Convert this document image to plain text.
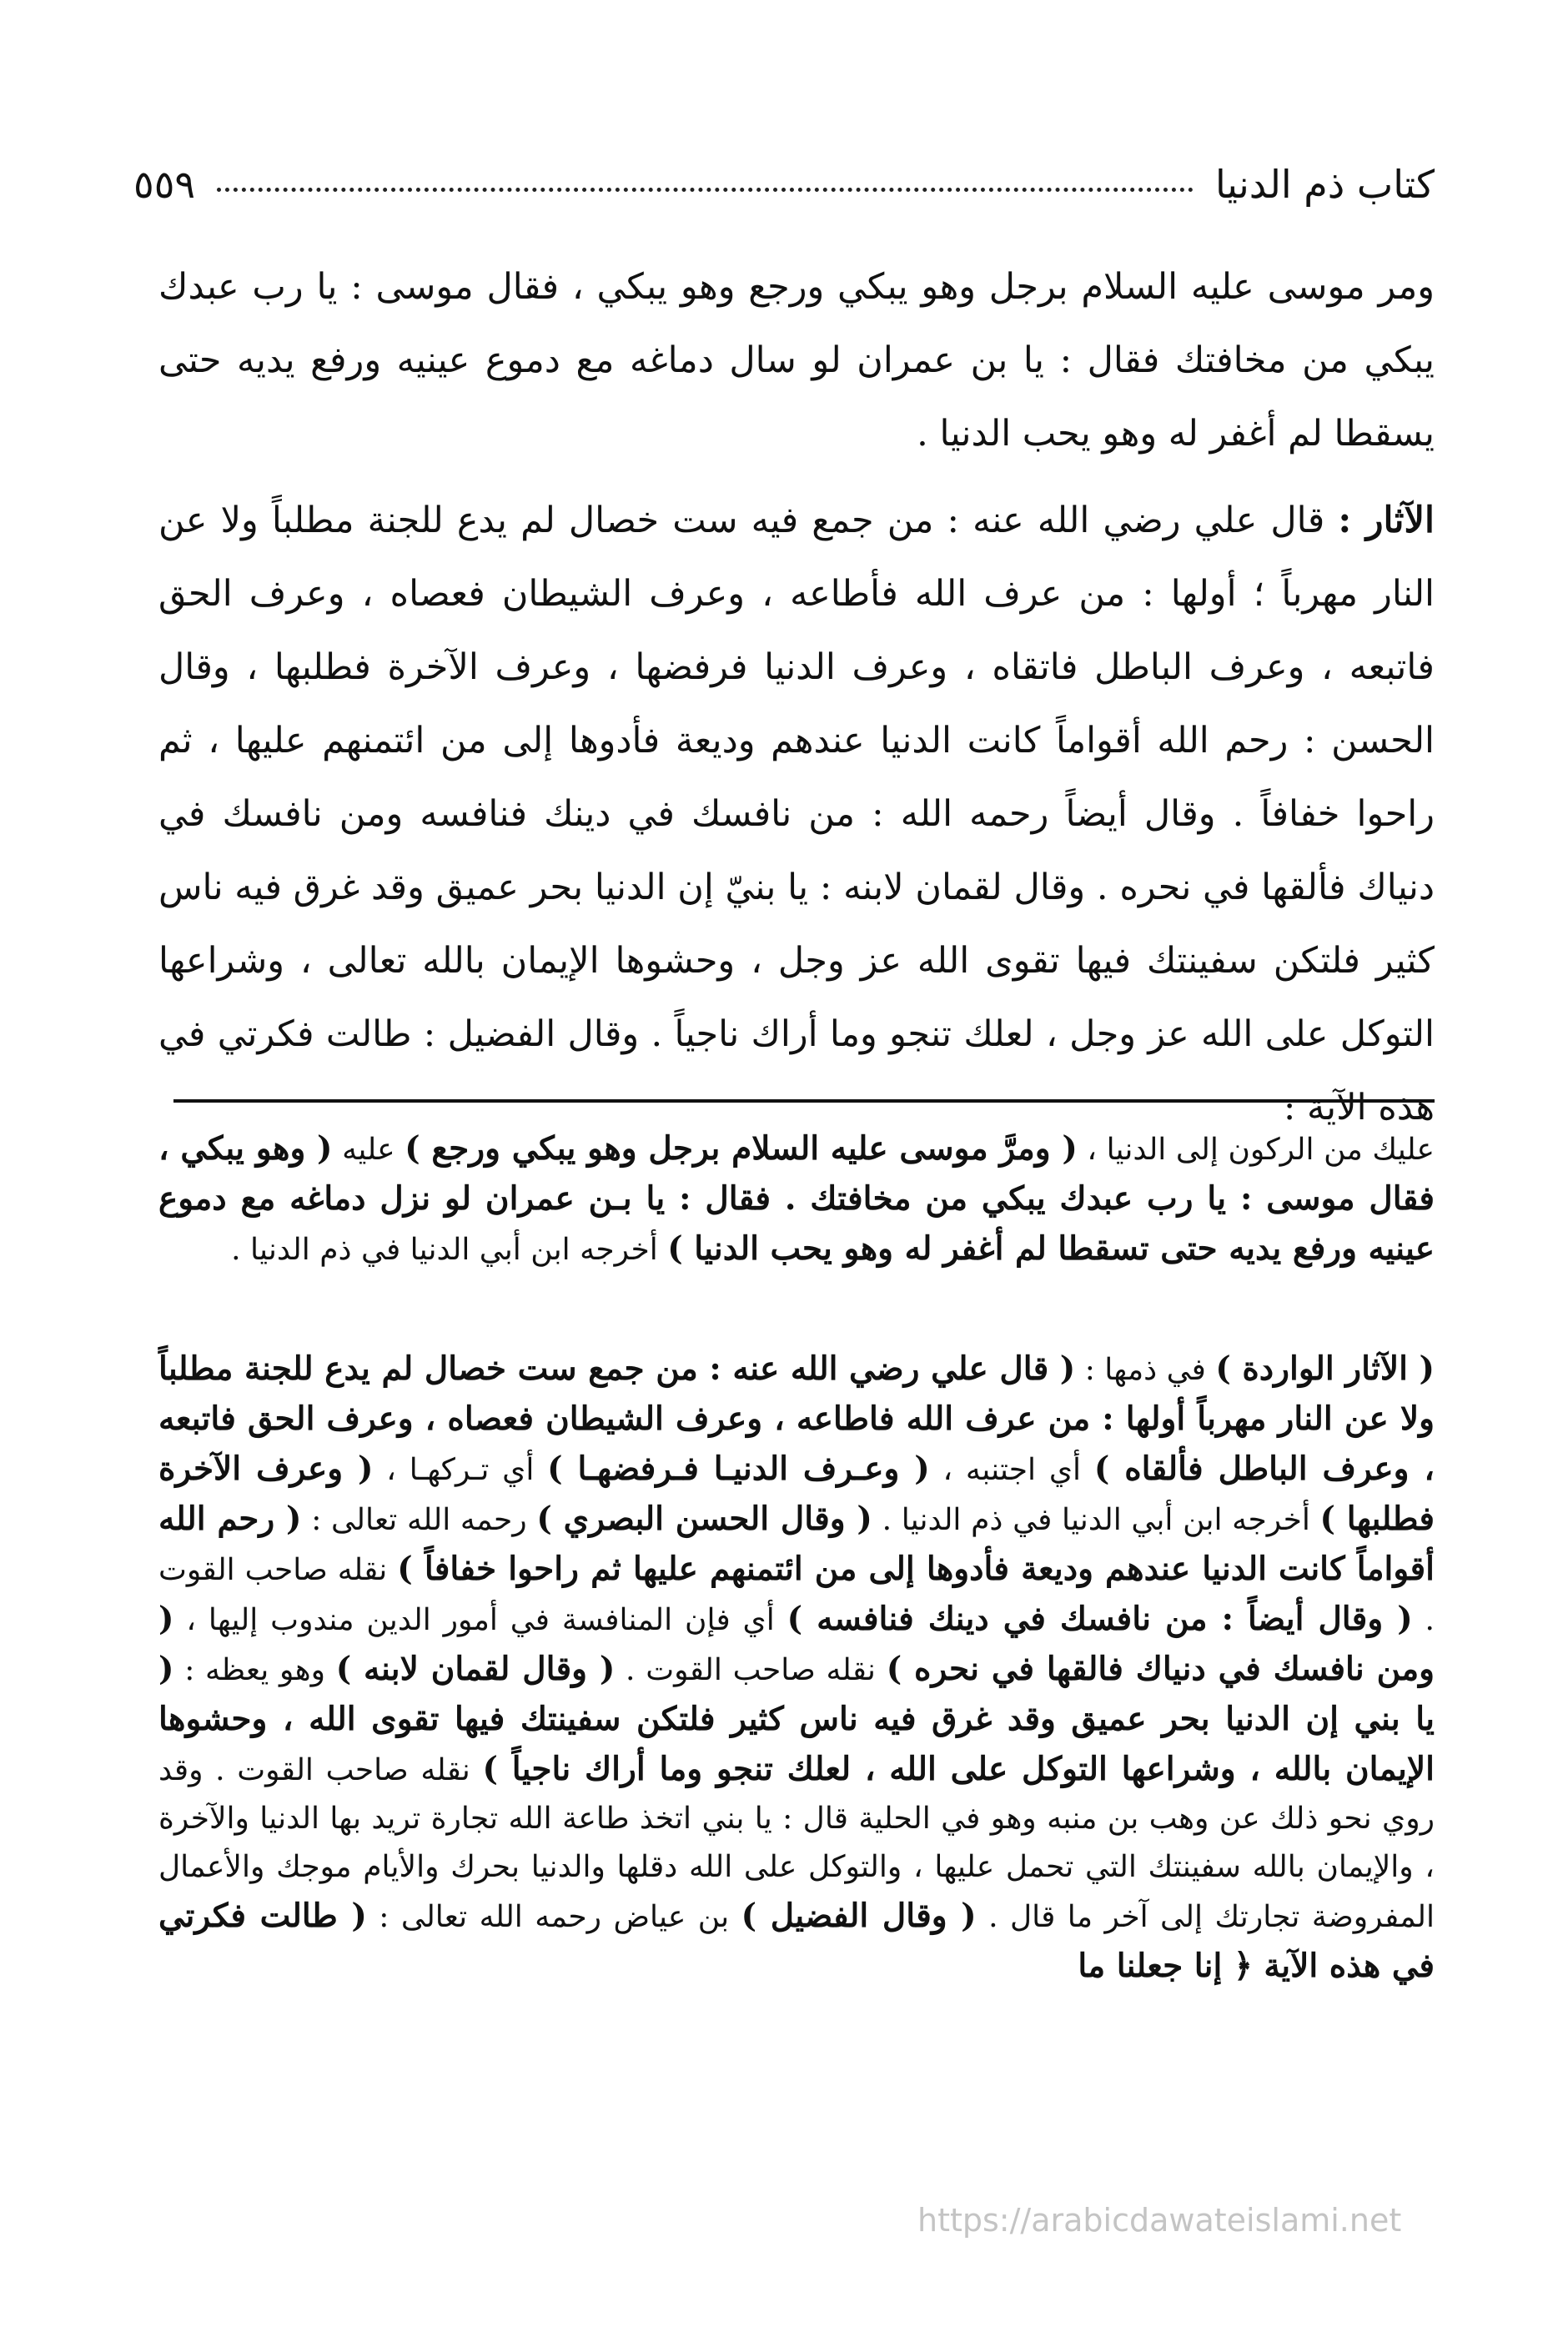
كتاب ذم الدنيا
٥٥٩

ومر موسى عليه السلام برجل وهو يبكي ورجع وهو يبكي ، فقال موسى : يا رب عبدك يبكي من مخافتك فقال : يا بن عمران لو سال دماغه مع دموع عينيه ورفع يديه حتى يسقطا لم أغفر له وهو يحب الدنيا .

الآثار : قال علي رضي الله عنه : من جمع فيه ست خصال لم يدع للجنة مطلباً ولا عن النار مهرباً ؛ أولها : من عرف الله فأطاعه ، وعرف الشيطان فعصاه ، وعرف الحق فاتبعه ، وعرف الباطل فاتقاه ، وعرف الدنيا فرفضها ، وعرف الآخرة فطلبها ، وقال الحسن : رحم الله أقواماً كانت الدنيا عندهم وديعة فأدوها إلى من ائتمنهم عليها ، ثم راحوا خفافاً . وقال أيضاً رحمه الله : من نافسك في دينك فنافسه ومن نافسك في دنياك فألقها في نحره . وقال لقمان لابنه : يا بنيّ إن الدنيا بحر عميق وقد غرق فيه ناس كثير فلتكن سفينتك فيها تقوى الله عز وجل ، وحشوها الإيمان بالله تعالى ، وشراعها التوكل على الله عز وجل ، لعلك تنجو وما أراك ناجياً . وقال الفضيل : طالت فكرتي في هذه الآية :

عليك من الركون إلى الدنيا ، ( ومرَّ موسى عليه السلام برجل وهو يبكي ورجع ) عليه ( وهو يبكي ، فقال موسى : يا رب عبدك يبكي من مخافتك . فقال : يا بـن عمران لو نزل دماغه مع دموع عينيه ورفع يديه حتى تسقطا لم أغفر له وهو يحب الدنيا ) أخرجه ابن أبي الدنيا في ذم الدنيا .

( الآثار الواردة ) في ذمها : ( قال علي رضي الله عنه : من جمع ست خصال لم يدع للجنة مطلباً ولا عن النار مهرباً أولها : من عرف الله فاطاعه ، وعرف الشيطان فعصاه ، وعرف الحق فاتبعه ، وعرف الباطل فألقاه ) أي اجتنبه ، ( وعـرف الدنيـا فـرفضهـا ) أي تـركهـا ، ( وعرف الآخرة فطلبها ) أخرجه ابن أبي الدنيا في ذم الدنيا . ( وقال الحسن البصري ) رحمه الله تعالى : ( رحم الله أقواماً كانت الدنيا عندهم وديعة فأدوها إلى من ائتمنهم عليها ثم راحوا خفافاً ) نقله صاحب القوت . ( وقال أيضاً : من نافسك في دينك فنافسه ) أي فإن المنافسة في أمور الدين مندوب إليها ، ( ومن نافسك في دنياك فالقها في نحره ) نقله صاحب القوت . ( وقال لقمان لابنه ) وهو يعظه : ( يا بني إن الدنيا بحر عميق وقد غرق فيه ناس كثير فلتكن سفينتك فيها تقوى الله ، وحشوها الإيمان بالله ، وشراعها التوكل على الله ، لعلك تنجو وما أراك ناجياً ) نقله صاحب القوت . وقد روي نحو ذلك عن وهب بن منبه وهو في الحلية قال : يا بني اتخذ طاعة الله تجارة تريد بها الدنيا والآخرة ، والإيمان بالله سفينتك التي تحمل عليها ، والتوكل على الله دقلها والدنيا بحرك والأيام موجك والأعمال المفروضة تجارتك إلى آخر ما قال . ( وقال الفضيل ) بن عياض رحمه الله تعالى : ( طالت فكرتي في هذه الآية ﴿ إنا جعلنا ما

https://arabicdawateislami.net
